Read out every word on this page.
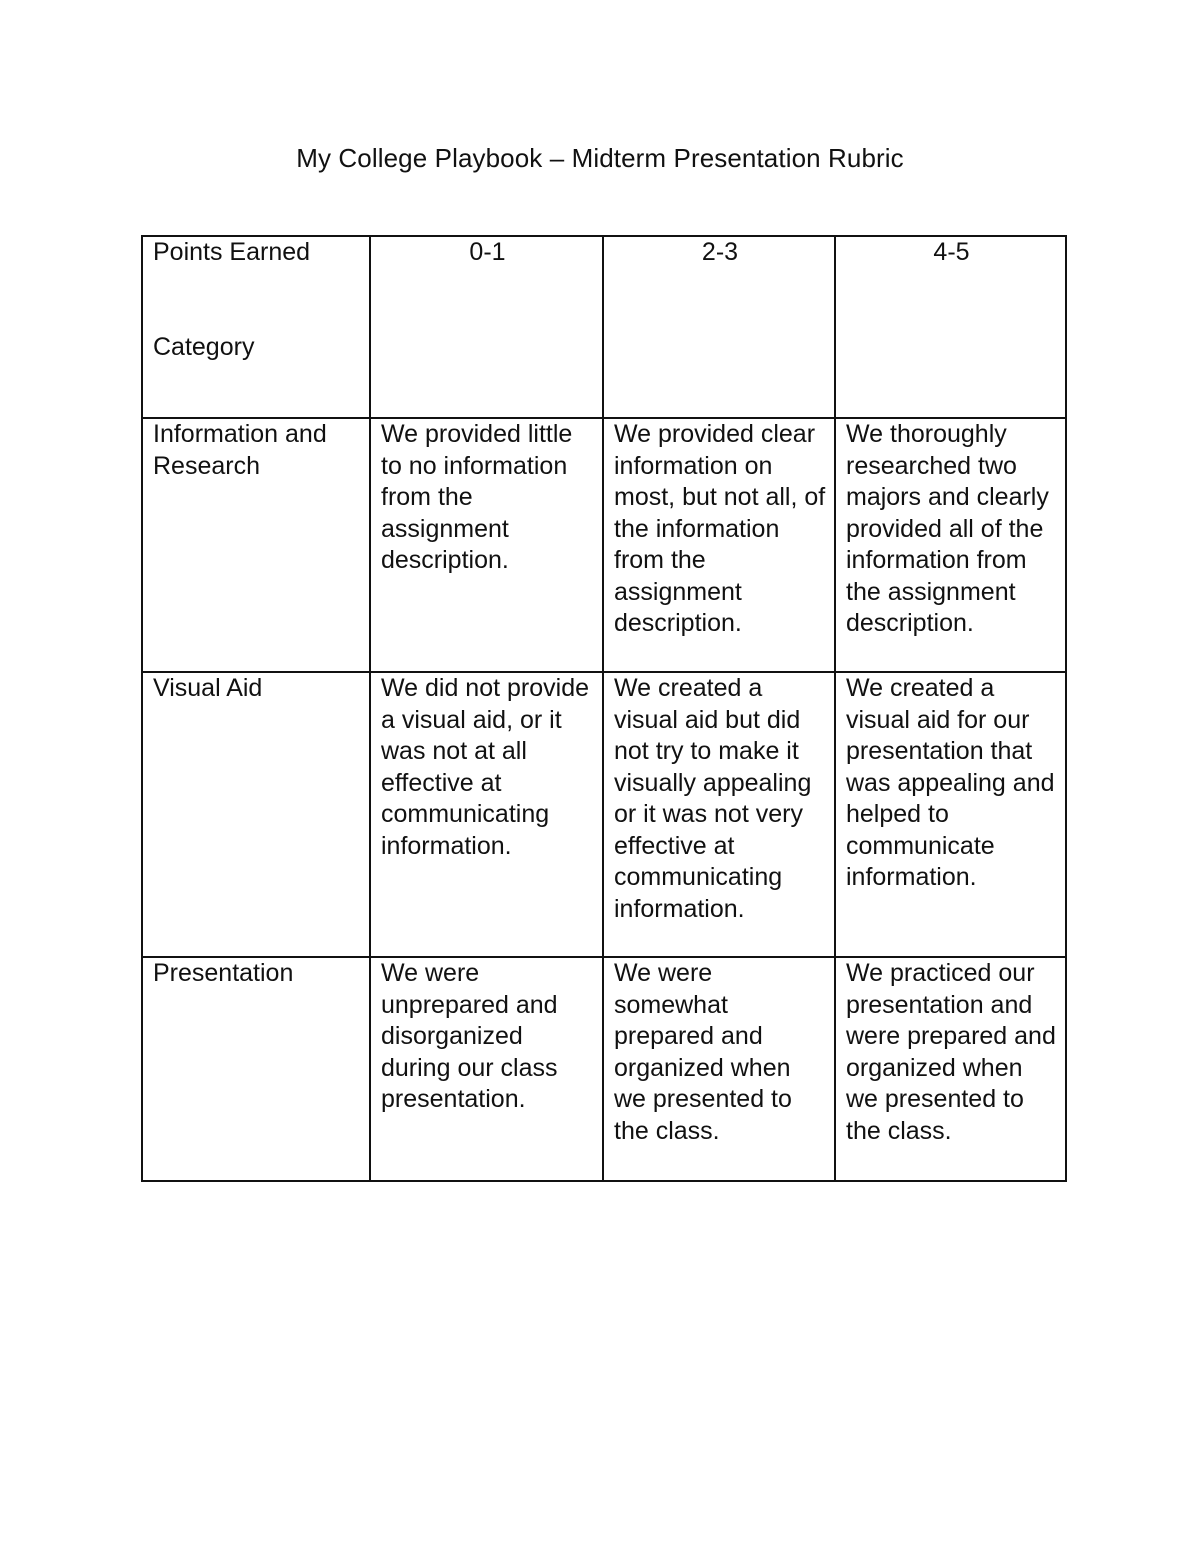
My College Playbook – Midterm Presentation Rubric
Points Earned
Category	0-1	2-3	4-5
Information and Research	We provided little to no information from the assignment description.	We provided clear information on most, but not all, of the information from the assignment description.	We thoroughly researched two majors and clearly provided all of the information from the assignment description.
Visual Aid	We did not provide a visual aid, or it was not at all effective at communicating information.	We created a visual aid but did not try to make it visually appealing or it was not very effective at communicating information.	We created a visual aid for our presentation that was appealing and helped to communicate information.
Presentation	We were unprepared and disorganized during our class presentation.	We were somewhat prepared and organized when we presented to the class.	We practiced our presentation and were prepared and organized when we presented to the class.
